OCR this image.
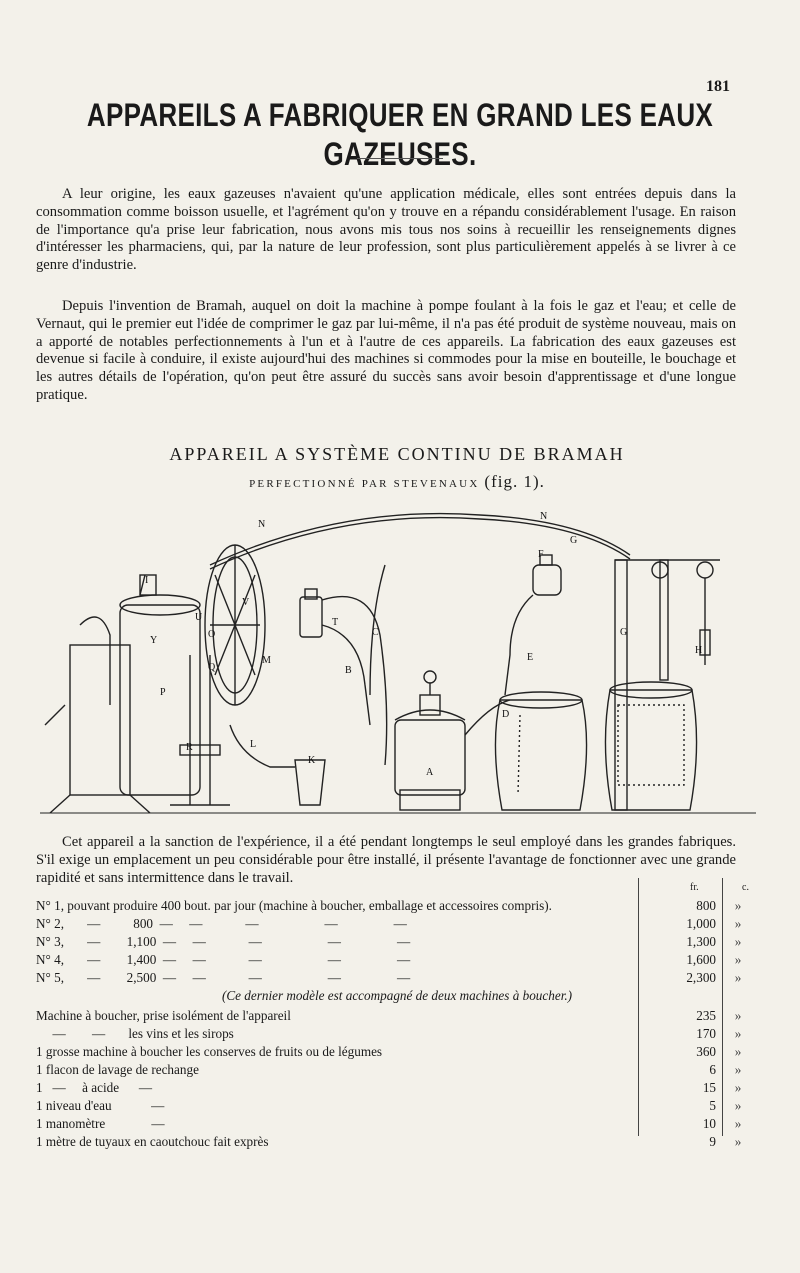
181
APPAREILS A FABRIQUER EN GRAND LES EAUX GAZEUSES.
A leur origine, les eaux gazeuses n'avaient qu'une application médicale, elles sont entrées depuis dans la consommation comme boisson usuelle, et l'agrément qu'on y trouve en a répandu considérablement l'usage. En raison de l'importance qu'a prise leur fabrication, nous avons mis tous nos soins à recueillir les renseignements dignes d'intéresser les pharmaciens, qui, par la nature de leur profession, sont plus particulièrement appelés à se livrer à ce genre d'industrie.
Depuis l'invention de Bramah, auquel on doit la machine à pompe foulant à la fois le gaz et l'eau; et celle de Vernaut, qui le premier eut l'idée de comprimer le gaz par lui-même, il n'a pas été produit de système nouveau, mais on a apporté de notables perfectionnements à l'un et à l'autre de ces appareils. La fabrication des eaux gazeuses est devenue si facile à conduire, il existe aujourd'hui des machines si commodes pour la mise en bouteille, le bouchage et les autres détails de l'opération, qu'on peut être assuré du succès sans avoir besoin d'apprentissage et d'une longue pratique.
APPAREIL A SYSTÈME CONTINU DE BRAMAH
PERFECTIONNÉ PAR STEVENAUX (fig. 1).
N
N
G
F
I
V
U
Y
O
M
T
C
B
E
D
A
H
G
K
L
R
Q
P
Cet appareil a la sanction de l'expérience, il a été pendant longtemps le seul employé dans les grandes fabriques. S'il exige un emplacement un peu considérable pour être installé, il présente l'avantage de fonctionner avec une grande rapidité et sans intermittence dans le travail.
fr.	c.
N° 1, pouvant produire 400 bout. par jour (machine à boucher, emballage et accessoires compris).	800	»
N° 2,       —          800  —     —             —                    —                 —	1,000	»
N° 3,       —        1,100  —     —             —                    —                 —	1,300	»
N° 4,       —        1,400  —     —             —                    —                 —	1,600	»
N° 5,       —        2,500  —     —             —                    —                 —	2,300	»
(Ce dernier modèle est accompagné de deux machines à boucher.)
Machine à boucher, prise isolément de l'appareil	235	»
—        —       les vins et les sirops	170	»
1 grosse machine à boucher les conserves de fruits ou de légumes	360	»
1 flacon de lavage de rechange	6	»
1   —     à acide      —	15	»
1 niveau d'eau            —	5	»
1 manomètre              —	10	»
1 mètre de tuyaux en caoutchouc fait exprès	9	»
